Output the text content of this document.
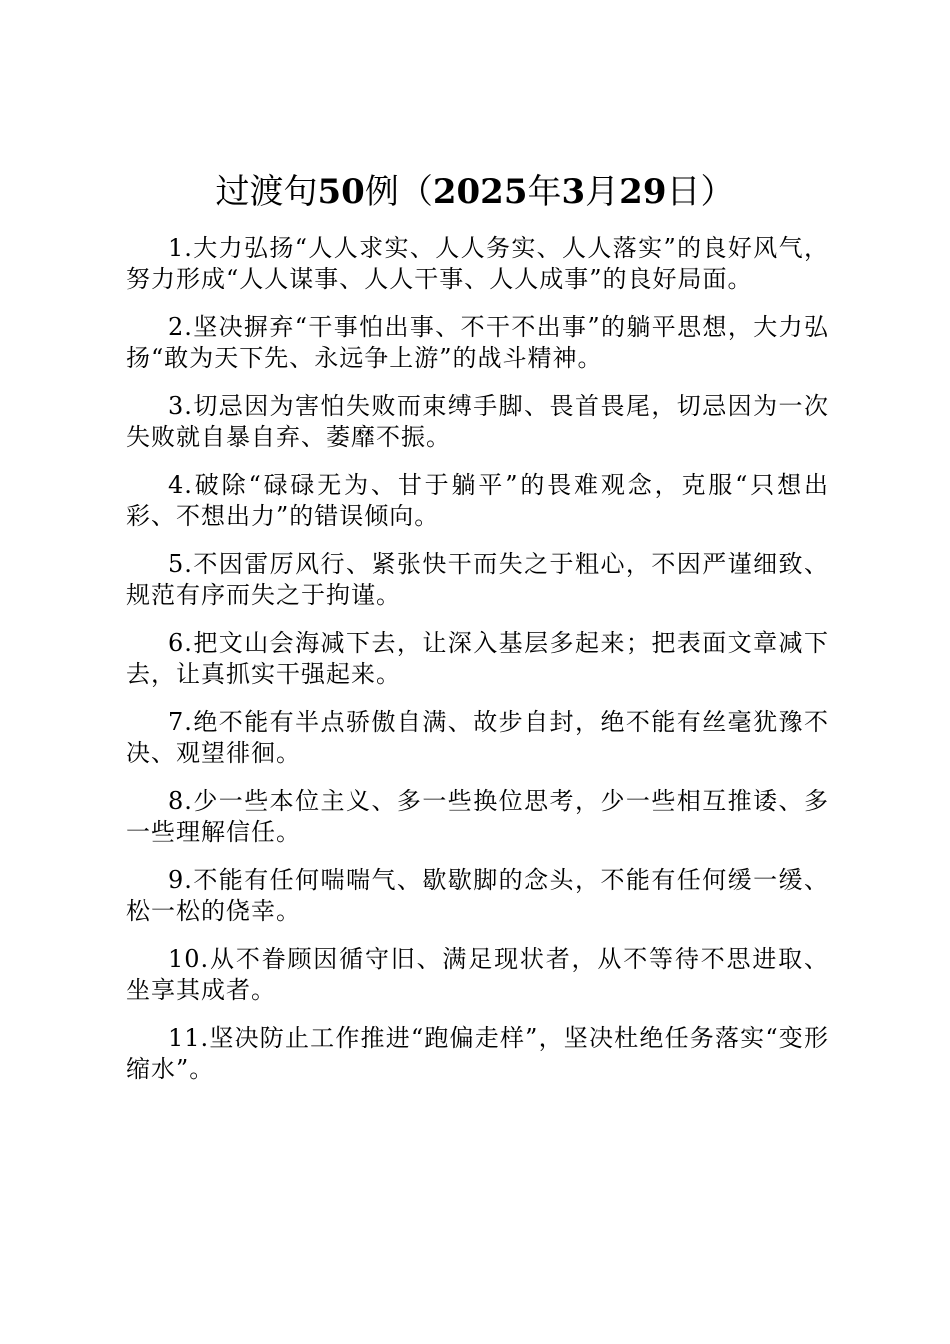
过渡句50例（2025年3月29日）

1.大力弘扬“人人求实、人人务实、人人落实”的良好风气，努力形成“人人谋事、人人干事、人人成事”的良好局面。

2.坚决摒弃“干事怕出事、不干不出事”的躺平思想，大力弘扬“敢为天下先、永远争上游”的战斗精神。

3.切忌因为害怕失败而束缚手脚、畏首畏尾，切忌因为一次失败就自暴自弃、萎靡不振。

4.破除“碌碌无为、甘于躺平”的畏难观念，克服“只想出彩、不想出力”的错误倾向。

5.不因雷厉风行、紧张快干而失之于粗心，不因严谨细致、规范有序而失之于拘谨。

6.把文山会海减下去，让深入基层多起来；把表面文章减下去，让真抓实干强起来。

7.绝不能有半点骄傲自满、故步自封，绝不能有丝毫犹豫不决、观望徘徊。

8.少一些本位主义、多一些换位思考，少一些相互推诿、多一些理解信任。

9.不能有任何喘喘气、歇歇脚的念头，不能有任何缓一缓、松一松的侥幸。

10.从不眷顾因循守旧、满足现状者，从不等待不思进取、坐享其成者。

11.坚决防止工作推进“跑偏走样”，坚决杜绝任务落实“变形缩水”。
